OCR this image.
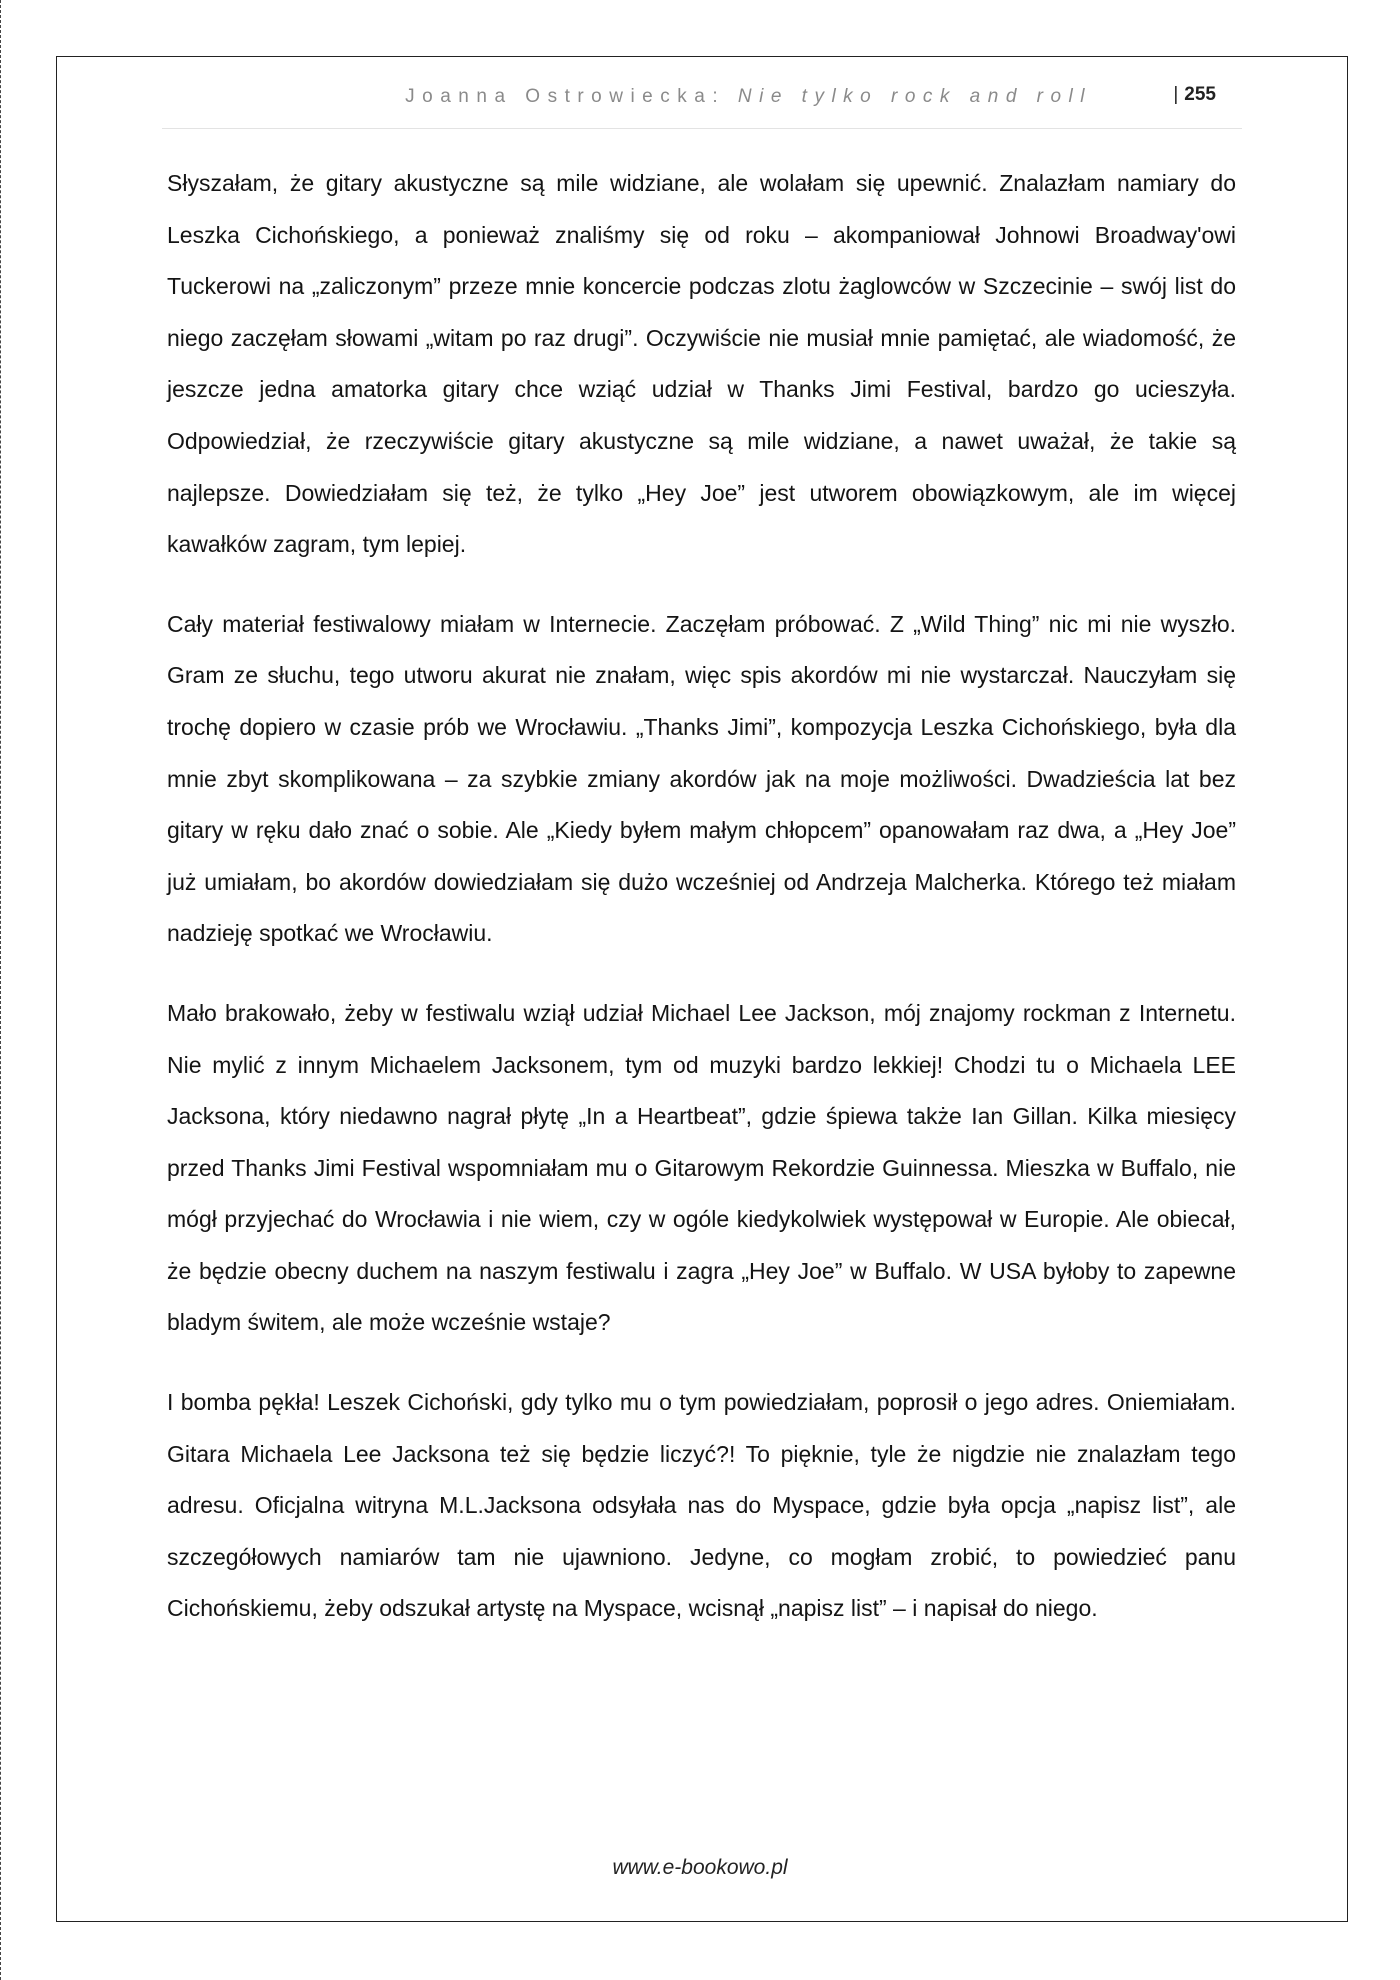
Joanna Ostrowiecka: Nie tylko rock and roll	| 255

Słyszałam, że gitary akustyczne są mile widziane, ale wolałam się upewnić. Znalazłam namiary do Leszka Cichońskiego, a ponieważ znaliśmy się od roku – akompaniował Johnowi Broadway'owi Tuckerowi na „zaliczonym” przeze mnie koncercie podczas zlotu żaglowców w Szczecinie – swój list do niego zaczęłam słowami „witam po raz drugi”. Oczywiście nie musiał mnie pamiętać, ale wiadomość, że jeszcze jedna amatorka gitary chce wziąć udział w Thanks Jimi Festival, bardzo go ucieszyła. Odpowiedział, że rzeczywiście gitary akustyczne są mile widziane, a nawet uważał, że takie są najlepsze. Dowiedziałam się też, że tylko „Hey Joe” jest utworem obowiązkowym, ale im więcej kawałków zagram, tym lepiej.

Cały materiał festiwalowy miałam w Internecie. Zaczęłam próbować. Z „Wild Thing” nic mi nie wyszło. Gram ze słuchu, tego utworu akurat nie znałam, więc spis akordów mi nie wystarczał. Nauczyłam się trochę dopiero w czasie prób we Wrocławiu. „Thanks Jimi”, kompozycja Leszka Cichońskiego, była dla mnie zbyt skomplikowana – za szybkie zmiany akordów jak na moje możliwości. Dwadzieścia lat bez gitary w ręku dało znać o sobie. Ale „Kiedy byłem małym chłopcem” opanowałam raz dwa, a „Hey Joe” już umiałam, bo akordów dowiedziałam się dużo wcześniej od Andrzeja Malcherka. Którego też miałam nadzieję spotkać we Wrocławiu.

Mało brakowało, żeby w festiwalu wziął udział Michael Lee Jackson, mój znajomy rockman z Internetu. Nie mylić z innym Michaelem Jacksonem, tym od muzyki bardzo lekkiej! Chodzi tu o Michaela LEE Jacksona, który niedawno nagrał płytę „In a Heartbeat”, gdzie śpiewa także Ian Gillan. Kilka miesięcy przed Thanks Jimi Festival wspomniałam mu o Gitarowym Rekordzie Guinnessa. Mieszka w Buffalo, nie mógł przyjechać do Wrocławia i nie wiem, czy w ogóle kiedykolwiek występował w Europie. Ale obiecał, że będzie obecny duchem na naszym festiwalu i zagra „Hey Joe” w Buffalo. W USA byłoby to zapewne bladym świtem, ale może wcześnie wstaje?

I bomba pękła! Leszek Cichoński, gdy tylko mu o tym powiedziałam, poprosił o jego adres. Oniemiałam. Gitara Michaela Lee Jacksona też się będzie liczyć?! To pięknie, tyle że nigdzie nie znalazłam tego adresu. Oficjalna witryna M.L.Jacksona odsyłała nas do Myspace, gdzie była opcja „napisz list”, ale szczegółowych namiarów tam nie ujawniono. Jedyne, co mogłam zrobić, to powiedzieć panu Cichońskiemu, żeby odszukał artystę na Myspace, wcisnął „napisz list” – i napisał do niego.

www.e-bookowo.pl
